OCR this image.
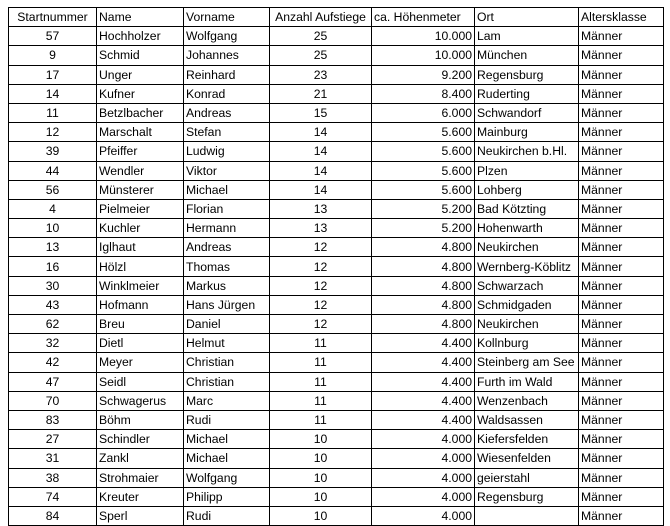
Startnummer	Name	Vorname	Anzahl Aufstiege	ca. Höhenmeter	Ort	Altersklasse
57	Hochholzer	Wolfgang	25	10.000	Lam	Männer
9	Schmid	Johannes	25	10.000	München	Männer
17	Unger	Reinhard	23	9.200	Regensburg	Männer
14	Kufner	Konrad	21	8.400	Ruderting	Männer
11	Betzlbacher	Andreas	15	6.000	Schwandorf	Männer
12	Marschalt	Stefan	14	5.600	Mainburg	Männer
39	Pfeiffer	Ludwig	14	5.600	Neukirchen b.Hl.	Männer
44	Wendler	Viktor	14	5.600	Plzen	Männer
56	Münsterer	Michael	14	5.600	Lohberg	Männer
4	Pielmeier	Florian	13	5.200	Bad Kötzting	Männer
10	Kuchler	Hermann	13	5.200	Hohenwarth	Männer
13	Iglhaut	Andreas	12	4.800	Neukirchen	Männer
16	Hölzl	Thomas	12	4.800	Wernberg-Köblitz	Männer
30	Winklmeier	Markus	12	4.800	Schwarzach	Männer
43	Hofmann	Hans Jürgen	12	4.800	Schmidgaden	Männer
62	Breu	Daniel	12	4.800	Neukirchen	Männer
32	Dietl	Helmut	11	4.400	Kollnburg	Männer
42	Meyer	Christian	11	4.400	Steinberg am See	Männer
47	Seidl	Christian	11	4.400	Furth im Wald	Männer
70	Schwagerus	Marc	11	4.400	Wenzenbach	Männer
83	Böhm	Rudi	11	4.400	Waldsassen	Männer
27	Schindler	Michael	10	4.000	Kiefersfelden	Männer
31	Zankl	Michael	10	4.000	Wiesenfelden	Männer
38	Strohmaier	Wolfgang	10	4.000	geierstahl	Männer
74	Kreuter	Philipp	10	4.000	Regensburg	Männer
84	Sperl	Rudi	10	4.000		Männer
